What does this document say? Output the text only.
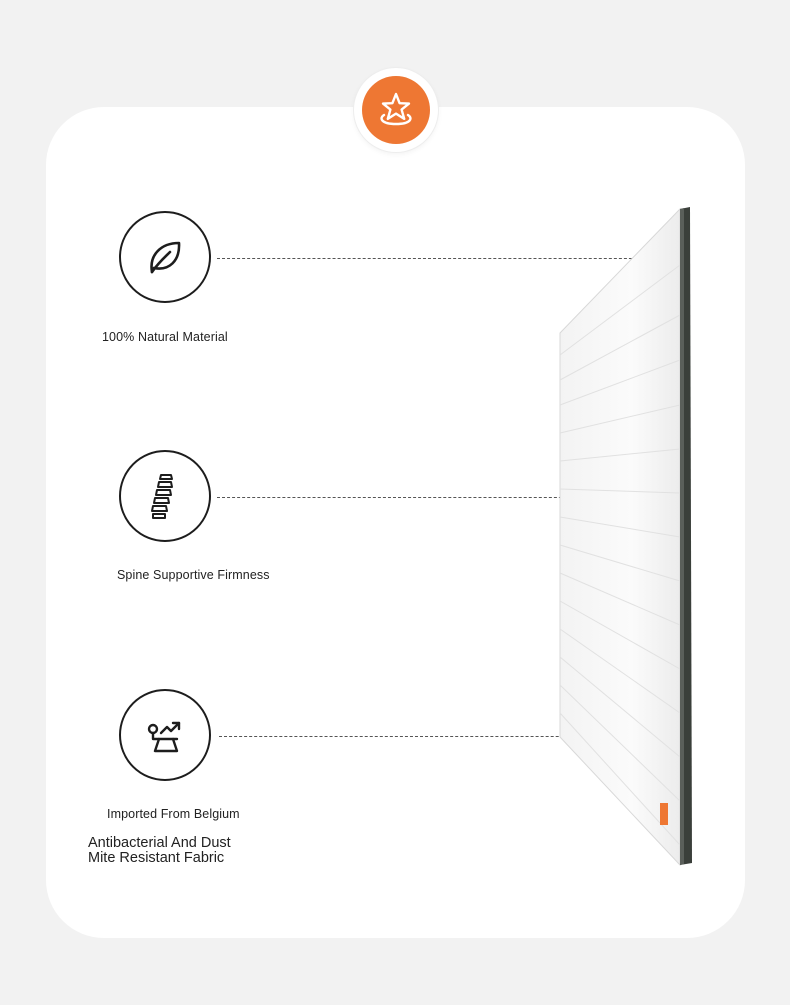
100% Natural Material
Spine Supportive Firmness
Imported From Belgium
Antibacterial And Dust
Mite Resistant Fabric
